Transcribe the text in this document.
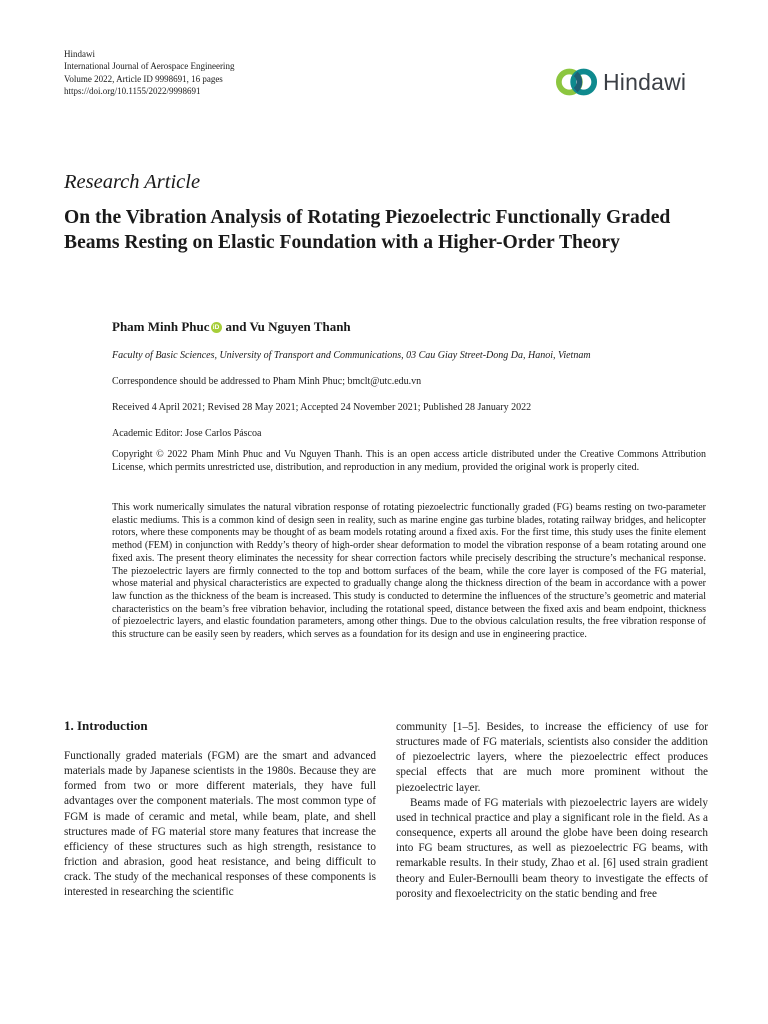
Hindawi
International Journal of Aerospace Engineering
Volume 2022, Article ID 9998691, 16 pages
https://doi.org/10.1155/2022/9998691	Hindawi
Research Article
On the Vibration Analysis of Rotating Piezoelectric Functionally Graded Beams Resting on Elastic Foundation with a Higher-Order Theory
Pham Minh Phuc iD and Vu Nguyen Thanh
Faculty of Basic Sciences, University of Transport and Communications, 03 Cau Giay Street-Dong Da, Hanoi, Vietnam
Correspondence should be addressed to Pham Minh Phuc; bmclt@utc.edu.vn
Received 4 April 2021; Revised 28 May 2021; Accepted 24 November 2021; Published 28 January 2022
Academic Editor: Jose Carlos Páscoa
Copyright © 2022 Pham Minh Phuc and Vu Nguyen Thanh. This is an open access article distributed under the Creative Commons Attribution License, which permits unrestricted use, distribution, and reproduction in any medium, provided the original work is properly cited.
This work numerically simulates the natural vibration response of rotating piezoelectric functionally graded (FG) beams resting on two-parameter elastic mediums. This is a common kind of design seen in reality, such as marine engine gas turbine blades, rotating railway bridges, and helicopter rotors, where these components may be thought of as beam models rotating around a fixed axis. For the first time, this study uses the finite element method (FEM) in conjunction with Reddy’s theory of high-order shear deformation to model the vibration response of a beam rotating around one fixed axis. The present theory eliminates the necessity for shear correction factors while precisely describing the structure’s mechanical response. The piezoelectric layers are firmly connected to the top and bottom surfaces of the beam, while the core layer is composed of the FG material, whose material and physical characteristics are expected to gradually change along the thickness direction of the beam in accordance with a power law function as the thickness of the beam is increased. This study is conducted to determine the influences of the structure’s geometric and material characteristics on the beam’s free vibration behavior, including the rotational speed, distance between the fixed axis and beam endpoint, thickness of piezoelectric layers, and elastic foundation parameters, among other things. Due to the obvious calculation results, the free vibration response of this structure can be easily seen by readers, which serves as a foundation for its design and use in engineering practice.
1. Introduction

Functionally graded materials (FGM) are the smart and advanced materials made by Japanese scientists in the 1980s. Because they are formed from two or more different materials, they have full advantages over the component materials. The most common type of FGM is made of ceramic and metal, while beam, plate, and shell structures made of FG material store many features that increase the efficiency of these structures such as high strength, resistance to friction and abrasion, good heat resistance, and being difficult to crack. The study of the mechanical responses of these components is interested in researching the scientific

community [1–5]. Besides, to increase the efficiency of use for structures made of FG materials, scientists also consider the addition of piezoelectric layers, where the piezoelectric effect produces special effects that are much more prominent without the piezoelectric layer.

Beams made of FG materials with piezoelectric layers are widely used in technical practice and play a significant role in the field. As a consequence, experts all around the globe have been doing research into FG beam structures, as well as piezoelectric FG beams, with remarkable results. In their study, Zhao et al. [6] used strain gradient theory and Euler-Bernoulli beam theory to investigate the effects of porosity and flexoelectricity on the static bending and free
